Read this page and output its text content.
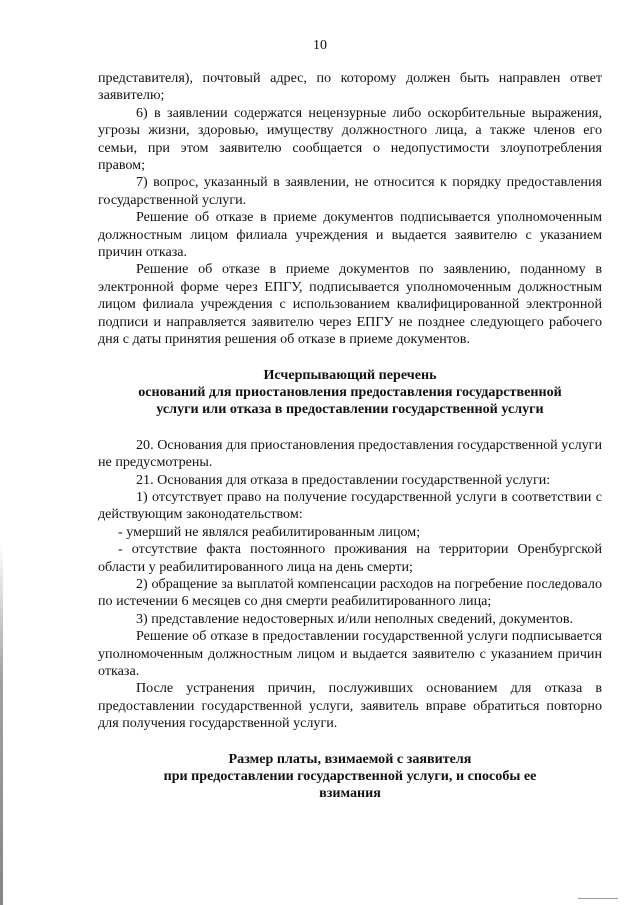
10

представителя), почтовый адрес, по которому должен быть направлен ответ заявителю;

6) в заявлении содержатся нецензурные либо оскорбительные выражения, угрозы жизни, здоровью, имуществу должностного лица, а также членов его семьи, при этом заявителю сообщается о недопустимости злоупотребления правом;

7) вопрос, указанный в заявлении, не относится к порядку предоставления государственной услуги.

Решение об отказе в приеме документов подписывается уполномоченным должностным лицом филиала учреждения и выдается заявителю с указанием причин отказа.

Решение об отказе в приеме документов по заявлению, поданному в электронной форме через ЕПГУ, подписывается уполномоченным должностным лицом филиала учреждения с использованием квалифицированной электронной подписи и направляется заявителю через ЕПГУ не позднее следующего рабочего дня с даты принятия решения об отказе в приеме документов.

Исчерпывающий перечень

оснований для приостановления предоставления государственной

услуги или отказа в предоставлении государственной услуги

20. Основания для приостановления предоставления государственной услуги не предусмотрены.

21. Основания для отказа в предоставлении государственной услуги:

1) отсутствует право на получение государственной услуги в соответствии с действующим законодательством:

- умерший не являлся реабилитированным лицом;

- отсутствие факта постоянного проживания на территории Оренбургской области у реабилитированного лица на день смерти;

2) обращение за выплатой компенсации расходов на погребение последовало по истечении 6 месяцев со дня смерти реабилитированного лица;

3) представление недостоверных и/или неполных сведений, документов.

Решение об отказе в предоставлении государственной услуги подписывается уполномоченным должностным лицом и выдается заявителю с указанием причин отказа.

После устранения причин, послуживших основанием для отказа в предоставлении государственной услуги, заявитель вправе обратиться повторно для получения государственной услуги.

Размер платы, взимаемой с заявителя

при предоставлении государственной услуги, и способы ее

взимания
